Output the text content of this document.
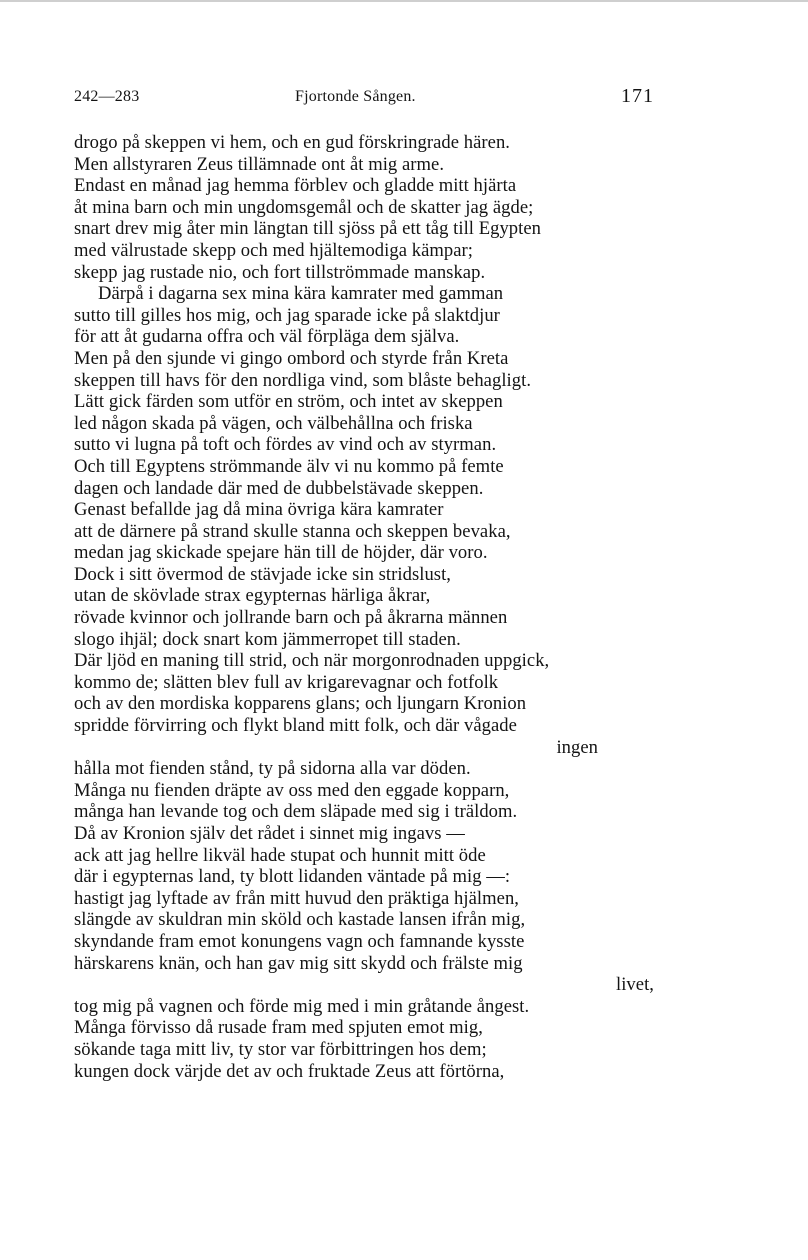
242—283	Fjortonde Sången.	171
drogo på skeppen vi hem, och en gud förskringrade hären.
Men allstyraren Zeus tillämnade ont åt mig arme.
Endast en månad jag hemma förblev och gladde mitt hjärta
åt mina barn och min ungdomsgemål och de skatter jag ägde;
snart drev mig åter min längtan till sjöss på ett tåg till Egypten
med välrustade skepp och med hjältemodiga kämpar;
skepp jag rustade nio, och fort tillströmmade manskap.
Därpå i dagarna sex mina kära kamrater med gamman
sutto till gilles hos mig, och jag sparade icke på slaktdjur
för att åt gudarna offra och väl förpläga dem själva.
Men på den sjunde vi gingo ombord och styrde från Kreta
skeppen till havs för den nordliga vind, som blåste behagligt.
Lätt gick färden som utför en ström, och intet av skeppen
led någon skada på vägen, och välbehållna och friska
sutto vi lugna på toft och fördes av vind och av styrman.
Och till Egyptens strömmande älv vi nu kommo på femte
dagen och landade där med de dubbelstävade skeppen.
Genast befallde jag då mina övriga kära kamrater
att de därnere på strand skulle stanna och skeppen bevaka,
medan jag skickade spejare hän till de höjder, där voro.
Dock i sitt övermod de stävjade icke sin stridslust,
utan de skövlade strax egypternas härliga åkrar,
rövade kvinnor och jollrande barn och på åkrarna männen
slogo ihjäl; dock snart kom jämmerropet till staden.
Där ljöd en maning till strid, och när morgonrodnaden uppgick,
kommo de; slätten blev full av krigarevagnar och fotfolk
och av den mordiska kopparens glans; och ljungarn Kronion
spridde förvirring och flykt bland mitt folk, och där vågade
ingen
hålla mot fienden stånd, ty på sidorna alla var döden.
Många nu fienden dräpte av oss med den eggade kopparn,
många han levande tog och dem släpade med sig i träldom.
Då av Kronion själv det rådet i sinnet mig ingavs —
ack att jag hellre likväl hade stupat och hunnit mitt öde
där i egypternas land, ty blott lidanden väntade på mig —:
hastigt jag lyftade av från mitt huvud den präktiga hjälmen,
slängde av skuldran min sköld och kastade lansen ifrån mig,
skyndande fram emot konungens vagn och famnande kysste
härskarens knän, och han gav mig sitt skydd och frälste mig
livet,
tog mig på vagnen och förde mig med i min gråtande ångest.
Många förvisso då rusade fram med spjuten emot mig,
sökande taga mitt liv, ty stor var förbittringen hos dem;
kungen dock värjde det av och fruktade Zeus att förtörna,
